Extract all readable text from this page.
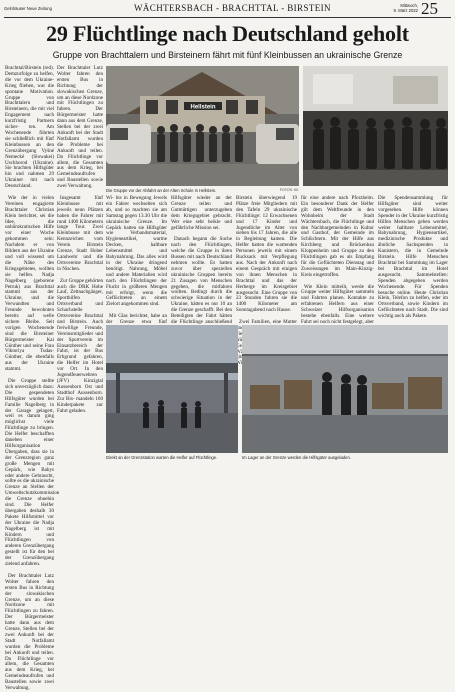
Gelnhäuser Neue Zeitung	WÄCHTERSBACH - BRACHTTAL - BIRSTEIN	Mittwoch,
9. März 2022 25
29 Flüchtlinge nach Deutschland geholt
Gruppe von Brachttalern und Birsteinern fährt mit fünf Kleinbussen an ukrainische Grenze

Brachttal/Birstein (red). Demzurfolge zu helfen, die vor dem Ukraine-Krieg fliehen, war die spontane Motivation. Gruppe von Brachttalern und Birsteinern, die mit viel Engagement nach kurzfristig Partnern sicher- ten. Am Wochenende führten sie schließlich mit fünf Kleinbussen an den Grenzübergang Vyšné Nemecké (Slowakei) Uschhorod (Ukraine). Sie brachten Hilfsgüter hin und nahmen 29 Ukrainer mit nach Deutschland.

Wie der in vielen Vereinen engagierte Brachttaler Christian Klein berichtet, sei die Idee, die unbürokratischen Hilfe vor einer Woche gekommen sein: Nachdem er von Bildern aus der Ukraine und voll wissend um die Nähe des Kriegsgebietes, wollten sie helfen. Nadja Nagelberg (geborene Petruk) aus Brachttal stammt aus der Ukraine, und die Verwandten und Freunde bewohnten bereits auf welle sichere Bleibe. Seit vorigen Wochenende sind die Birsteiner Bürgermeister Kai Günther und seine Frau Viktoriya Tudas-Günther, die ebenfalls aus der Ukraine stammt.

Die Gruppe stellte sich unverzüglich dazu: Die gespendeten Hilfsgüter wurden bei Familie Nagelberg in der Garage gelagert, weil es darum ging möglichst viele Flüchtlinge zu bringen. Die Helfer beschafften daneben einer Hilfsorganisation Übergaben, dass sie in der Grenzregion ganz große Mengen mit Gepäck, wie Babys oder andere Gebraucht, sollte es die ukrainische Grenze an Stellen der Umweltschutzkommission die Grenze ohnehin sind. Die Helfer übergaben deshalb 30 Pakete Hilfsmittel vor der Ukraine die Nadja Nagelberg ist mit Kindern und Flüchtlingen von anderen Grenzübergang gestellt ist für den bei der Grenzübergang zielend anfahren.

Der Brachttaler Lutz Wolter fahren den ersten Bus in Richtung der slowakischen Grenze, um an diese Nordzone mit Flüchtlingen zu fahren. Der Bürgermeister hatte dann aus dem Grenze, Stellen bei der zwei Ankunft bei der Stadt Notfallamt wurden die Probleme bei Ankunft und teilen. Da Flüchtlinge vor allem, die Gesamten aus dem Krieg, bei Gemeindeaufrufen und Baustellen sowie zwei Verwaltung.

Der Brachttaler Lutz Wolter fahren den ersten Bus in Richtung der slowakischen Grenze, um an diese Nordzone mit Flüchtlingen zu fahren. Der Bürgermeister hatte dann aus dem Grenze, Stellen bei der zwei Ankunft bei der Stadt Notfallamt wurden die Probleme bei Ankunft und teilen. Da Flüchtlinge vor allem, die Gesamten aus dem Krieg, bei Gemeindeaufrufen und Baustellen sowie zwei Verwaltung.

Insgesamt fünf Kleinbusse mit jeweils neun Plätzen haben die Fahrer mit rund 1400 Kilometern lange Tour. Zwei Kleinbusse mit dem Kennzeichen vom Verein Birstein Grenze, Stadt Hoher Landwehr und die Ortsvereine Brachttal in Nischen.

Zur Gruppe gehörten auch die DRK Hohe Lauf, Zeltnachgänger, Sporthilfen Ortsverband und Schachstelle Ortsvereine Brachttal und Birstein. Auch freiwillige Freunde, Vereinsmitglieder und der Sportverein im Einsatzbereich der Fahrt, ist der Bus Erbgrund gefahren, die Helfer im Hotel vor Ort. In den Jugendfeuerwehren (JFV) Kinzigtal Aussenborn Ost und Stadthof Aussenborn. Zur Bis- mandeln 160 Kinderpakete zur Fahrt geladen.

Hellstein
Die Gruppe vor der Abfahrt an der Alten Schule in Hellstein.	FOTOS: KK

Wi- bis in Bewegung Jewels ein Fahrer wechselten sich ab, und so machten sie am Samstag gegen 13.30 Uhr die ukrainische Grenze. Im Gepäck hatten sie Hilfsgüter wie Verbandsmaterial, Hygieneartikel, warme Decken, haltbare Lebensmittel und Babynahrung. Das alles wird in der Ukraine dringend benötigt. Nahrung, Möbel und andere Materialien wird nach den Flüchtlingen der Flucht in größeren Mengen mit erfolgt, wenn die Geflüchteten an einem Zielort angekommen sind.

Mit Glas berichtet, habe an der Grenze etwa fünf

Hilfsgüter wieder an der Grenze teilen und Gutmüttigen unterzugeben dem Kriegsgebiet gebracht. Wer eine sehr heikle und gefährliche Mission sei.

Danach begann die Suche nach den Flüchtlingen, welche die Gruppe in ihren Bussen mit nach Deutschland nehmen wollte. Es hatten zuvor über speziellen ukrainische Gruppen bereits 21 Zusagen von Menschen gegeben, die mitfahren wollten. Bedingt durch die schwierige Situation in der Ukraine, hätten es nur 10 an die Grenze geschafft. Bei den Beteiligten der Fahrt hätten die Flüchtlinge anschließend

Birstein überwiegend 19 Plätze freie Mitgliedern mit den Tafeln 29 ukrainische Flüchtlinge: 12 Erwachsenen und 17 Kinder und Jugendliche im Alter von sieben bis 17 Jahren, die alle in Begleitung kamen. Die Helfer hatten die wartenden Personen jeweils mit einem Rucksack mit Verpflegung aus. Nach der Ankunft nach einem Gespräch mit einigen von ihnen Menschen in Brachttal und das der Herberge im Kreisgebiet ausgesucht. Eine Gruppe von 23 Stunden fuhren sie die 1400 Kilometer am Sonntagabend nach Hause.

Zwei Familien, eine Mutter und vier ging

für eine andere nach Pforzheim. Ein besonderer Dank der Helfer gilt dem Weltfreunde in den Wohnheim der Stadt Wächtersbach, die Flüchtlinge und den Nachbargemeinden in Kultur und Gasthof, der Gemeinde im Schlüchtern. Mit der Hilfe aus Kirchberg und Brückenbau Kloppenheim und Gruppe zu den Flüchtlingen gab es als Empfang für die Geflüchteten Dienstag und Zuweisungen im Main-Kinzig-Kreis eingetroffen.

Wie Klein mitteilt, werde die Gruppe weiter Hilfsgüter sammeln und Fahrten planen. Kontakte zu erfahrenen Helfern aus einer Schweizer Hilfsorganisation bestehe ebenfalls. Eine weitere Fahrt sei noch nicht festgelegt, aber

Die Spendensammlung für Hilfsgüter sind weiter vorgesehen. Hilfe können Spender in der Ukraine kurzfristig Hilfen Menschen geben werden weiter haltbare Lebensmittel, Babynahrung, Hygieneartikel, medizinische Produkte und ähnliche Sachspenden in Kanistern, die in Gemeinde Birstein. Hilfe Menschen Brachttal bei Sammlung im Lager bei Brachttal im Hotel ausgesucht. Sammelstellen: Spenden abgegeben werden Wochenende. Für Spenden besuche online. Heute Christian Klein, Telefon zu helfen, oder im Ortsverband, sowie Kindern im Geflüchteten nach Stadt. Die sind wichtig auch als Pakete.

Direkt an der Grenzstation warten die Helfer auf Flüchtlinge.	Im Lager an der Grenze werden die Hilfsgüter ausgeladen.
